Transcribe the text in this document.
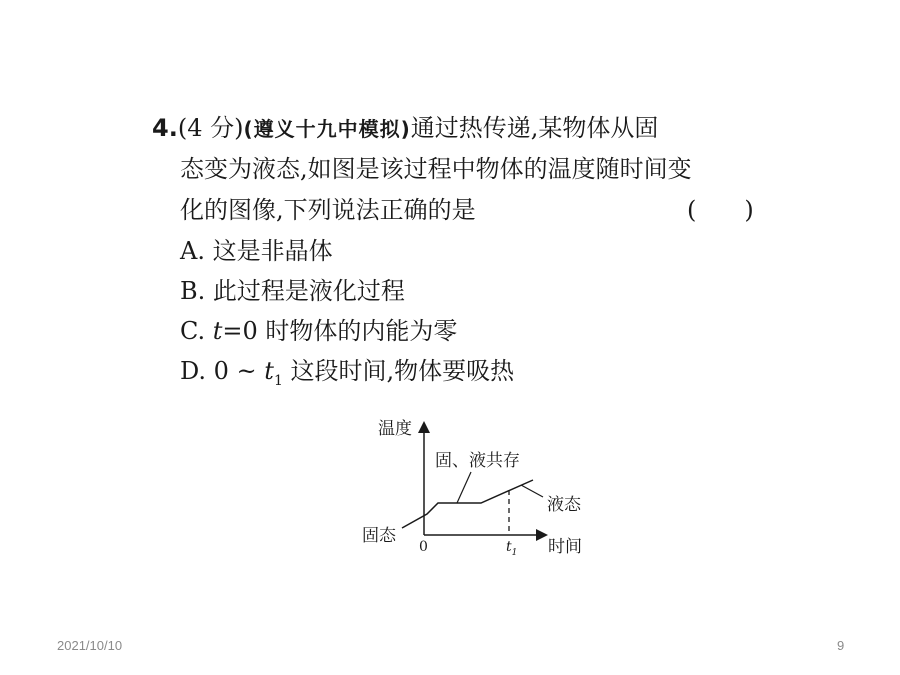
4.(4 分)(遵义十九中模拟)通过热传递,某物体从固
态变为液态,如图是该过程中物体的温度随时间变
化的图像,下列说法正确的是	(　　)
A. 这是非晶体
B. 此过程是液化过程
C. t=0 时物体的内能为零
D. 0 ~ $t_1$ 这段时间,物体要吸热
温度
时间
0	$t_1$
固态
固、液共存
液态
2021/10/10	9
